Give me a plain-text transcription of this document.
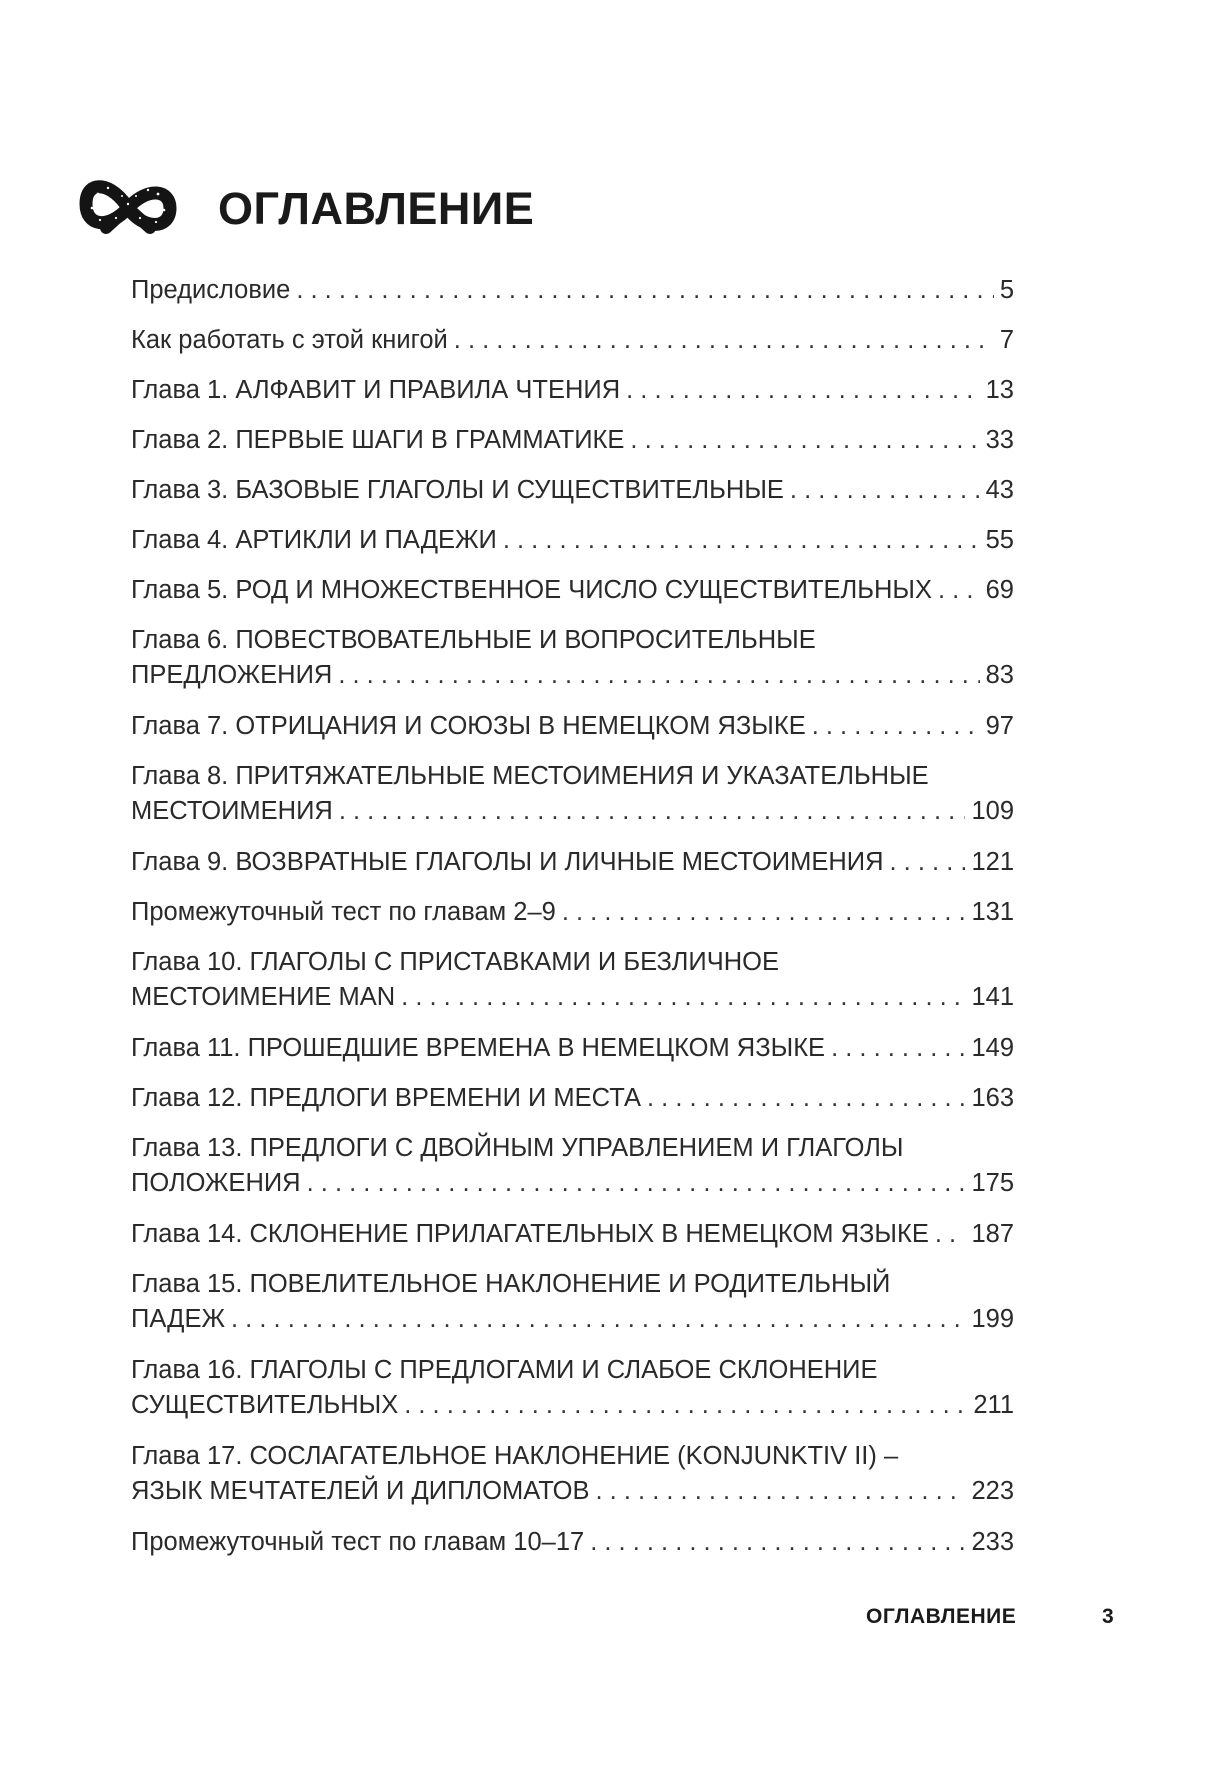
ОГЛАВЛЕНИЕ
Предисловие . . .	5
Как работать с этой книгой . . .	7
Глава 1. АЛФАВИТ И ПРАВИЛА ЧТЕНИЯ . . .	13
Глава 2. ПЕРВЫЕ ШАГИ В ГРАММАТИКЕ . . .	33
Глава 3. БАЗОВЫЕ ГЛАГОЛЫ И СУЩЕСТВИТЕЛЬНЫЕ . . .	43
Глава 4. АРТИКЛИ И ПАДЕЖИ . . .	55
Глава 5. РОД И МНОЖЕСТВЕННОЕ ЧИСЛО СУЩЕСТВИТЕЛЬНЫХ . . . 69
Глава 6. ПОВЕСТВОВАТЕЛЬНЫЕ И ВОПРОСИТЕЛЬНЫЕ
ПРЕДЛОЖЕНИЯ . . .	83
Глава 7. ОТРИЦАНИЯ И СОЮЗЫ В НЕМЕЦКОМ ЯЗЫКЕ . . .	97
Глава 8. ПРИТЯЖАТЕЛЬНЫЕ МЕСТОИМЕНИЯ И УКАЗАТЕЛЬНЫЕ
МЕСТОИМЕНИЯ . . .	109
Глава 9. ВОЗВРАТНЫЕ ГЛАГОЛЫ И ЛИЧНЫЕ МЕСТОИМЕНИЯ . . .	121
Промежуточный тест по главам 2–9 . . .	131
Глава 10. ГЛАГОЛЫ С ПРИСТАВКАМИ И БЕЗЛИЧНОЕ
МЕСТОИМЕНИЕ MAN . . .	141
Глава 11. ПРОШЕДШИЕ ВРЕМЕНА В НЕМЕЦКОМ ЯЗЫКЕ . . .	149
Глава 12. ПРЕДЛОГИ ВРЕМЕНИ И МЕСТА . . .	163
Глава 13. ПРЕДЛОГИ С ДВОЙНЫМ УПРАВЛЕНИЕМ И ГЛАГОЛЫ
ПОЛОЖЕНИЯ . . .	175
Глава 14. СКЛОНЕНИЕ ПРИЛАГАТЕЛЬНЫХ В НЕМЕЦКОМ ЯЗЫКЕ . . . 187
Глава 15. ПОВЕЛИТЕЛЬНОЕ НАКЛОНЕНИЕ И РОДИТЕЛЬНЫЙ
ПАДЕЖ . . .	199
Глава 16. ГЛАГОЛЫ С ПРЕДЛОГАМИ И СЛАБОЕ СКЛОНЕНИЕ
СУЩЕСТВИТЕЛЬНЫХ . . .	211
Глава 17. СОСЛАГАТЕЛЬНОЕ НАКЛОНЕНИЕ (KONJUNKTIV II) –
ЯЗЫК МЕЧТАТЕЛЕЙ И ДИПЛОМАТОВ . . .	223
Промежуточный тест по главам 10–17 . . .	233
ОГЛАВЛЕНИЕ	3
